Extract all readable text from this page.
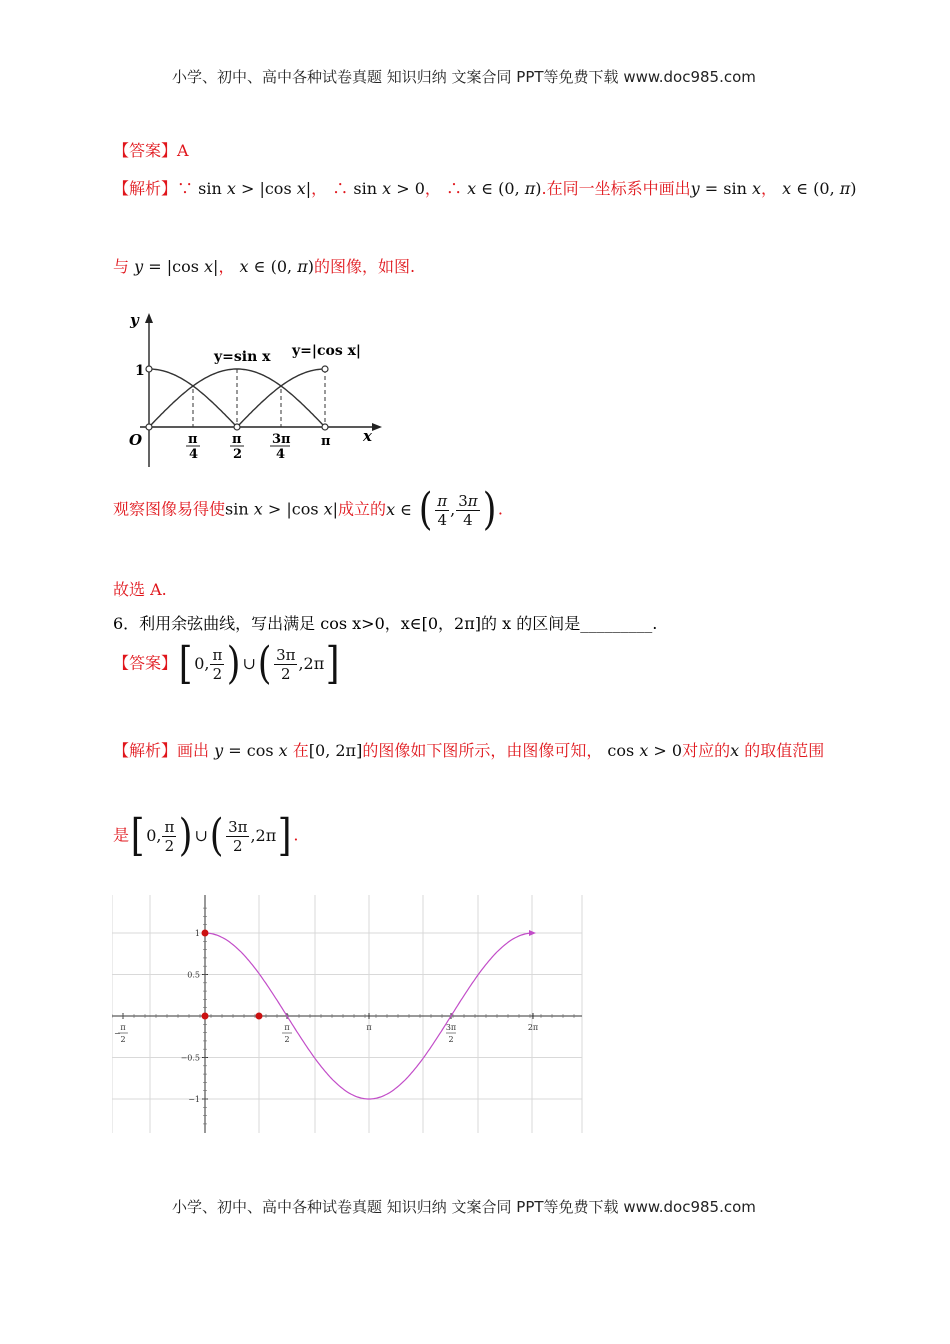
小学、初中、高中各种试卷真题 知识归纳 文案合同 PPT等免费下载 www.doc985.com
小学、初中、高中各种试卷真题 知识归纳 文案合同 PPT等免费下载 www.doc985.com
【答案】A
【解析】∵ sin x > |cos x|， ∴ sin x > 0， ∴ x ∈ (0, π).在同一坐标系中画出y = sin x， x ∈ (0, π)
与 y = |cos x|， x ∈ (0, π)的图像，如图.
y
x
O
1
y=sin x y=|cos x|
π
4
π
2
3π
4
π
观察图像易得使sin x > |cos x|成立的x ∈ ( $\frac{\pi}{4}$ , $\frac{3\pi}{4}$ ) .
故选 A.
6．利用余弦曲线，写出满足 cos x>0，x∈[0，2π]的 x 的区间是_________.
【答案】[ 0, $\frac{\pi}{2}$ ) ∪( $\frac{3\pi}{2} ,2\pi$]
【解析】画出 y = cos x 在[0, 2π]的图像如下图所示，由图像可知， cos x > 0对应的x 的取值范围
是[ 0, $\frac{\pi}{2}$ ) ∪( $\frac{3\pi}{2} ,2\pi$] .
1
0.5
−0.5
−1
π
2
−
π
2
π	3π
2
2π
